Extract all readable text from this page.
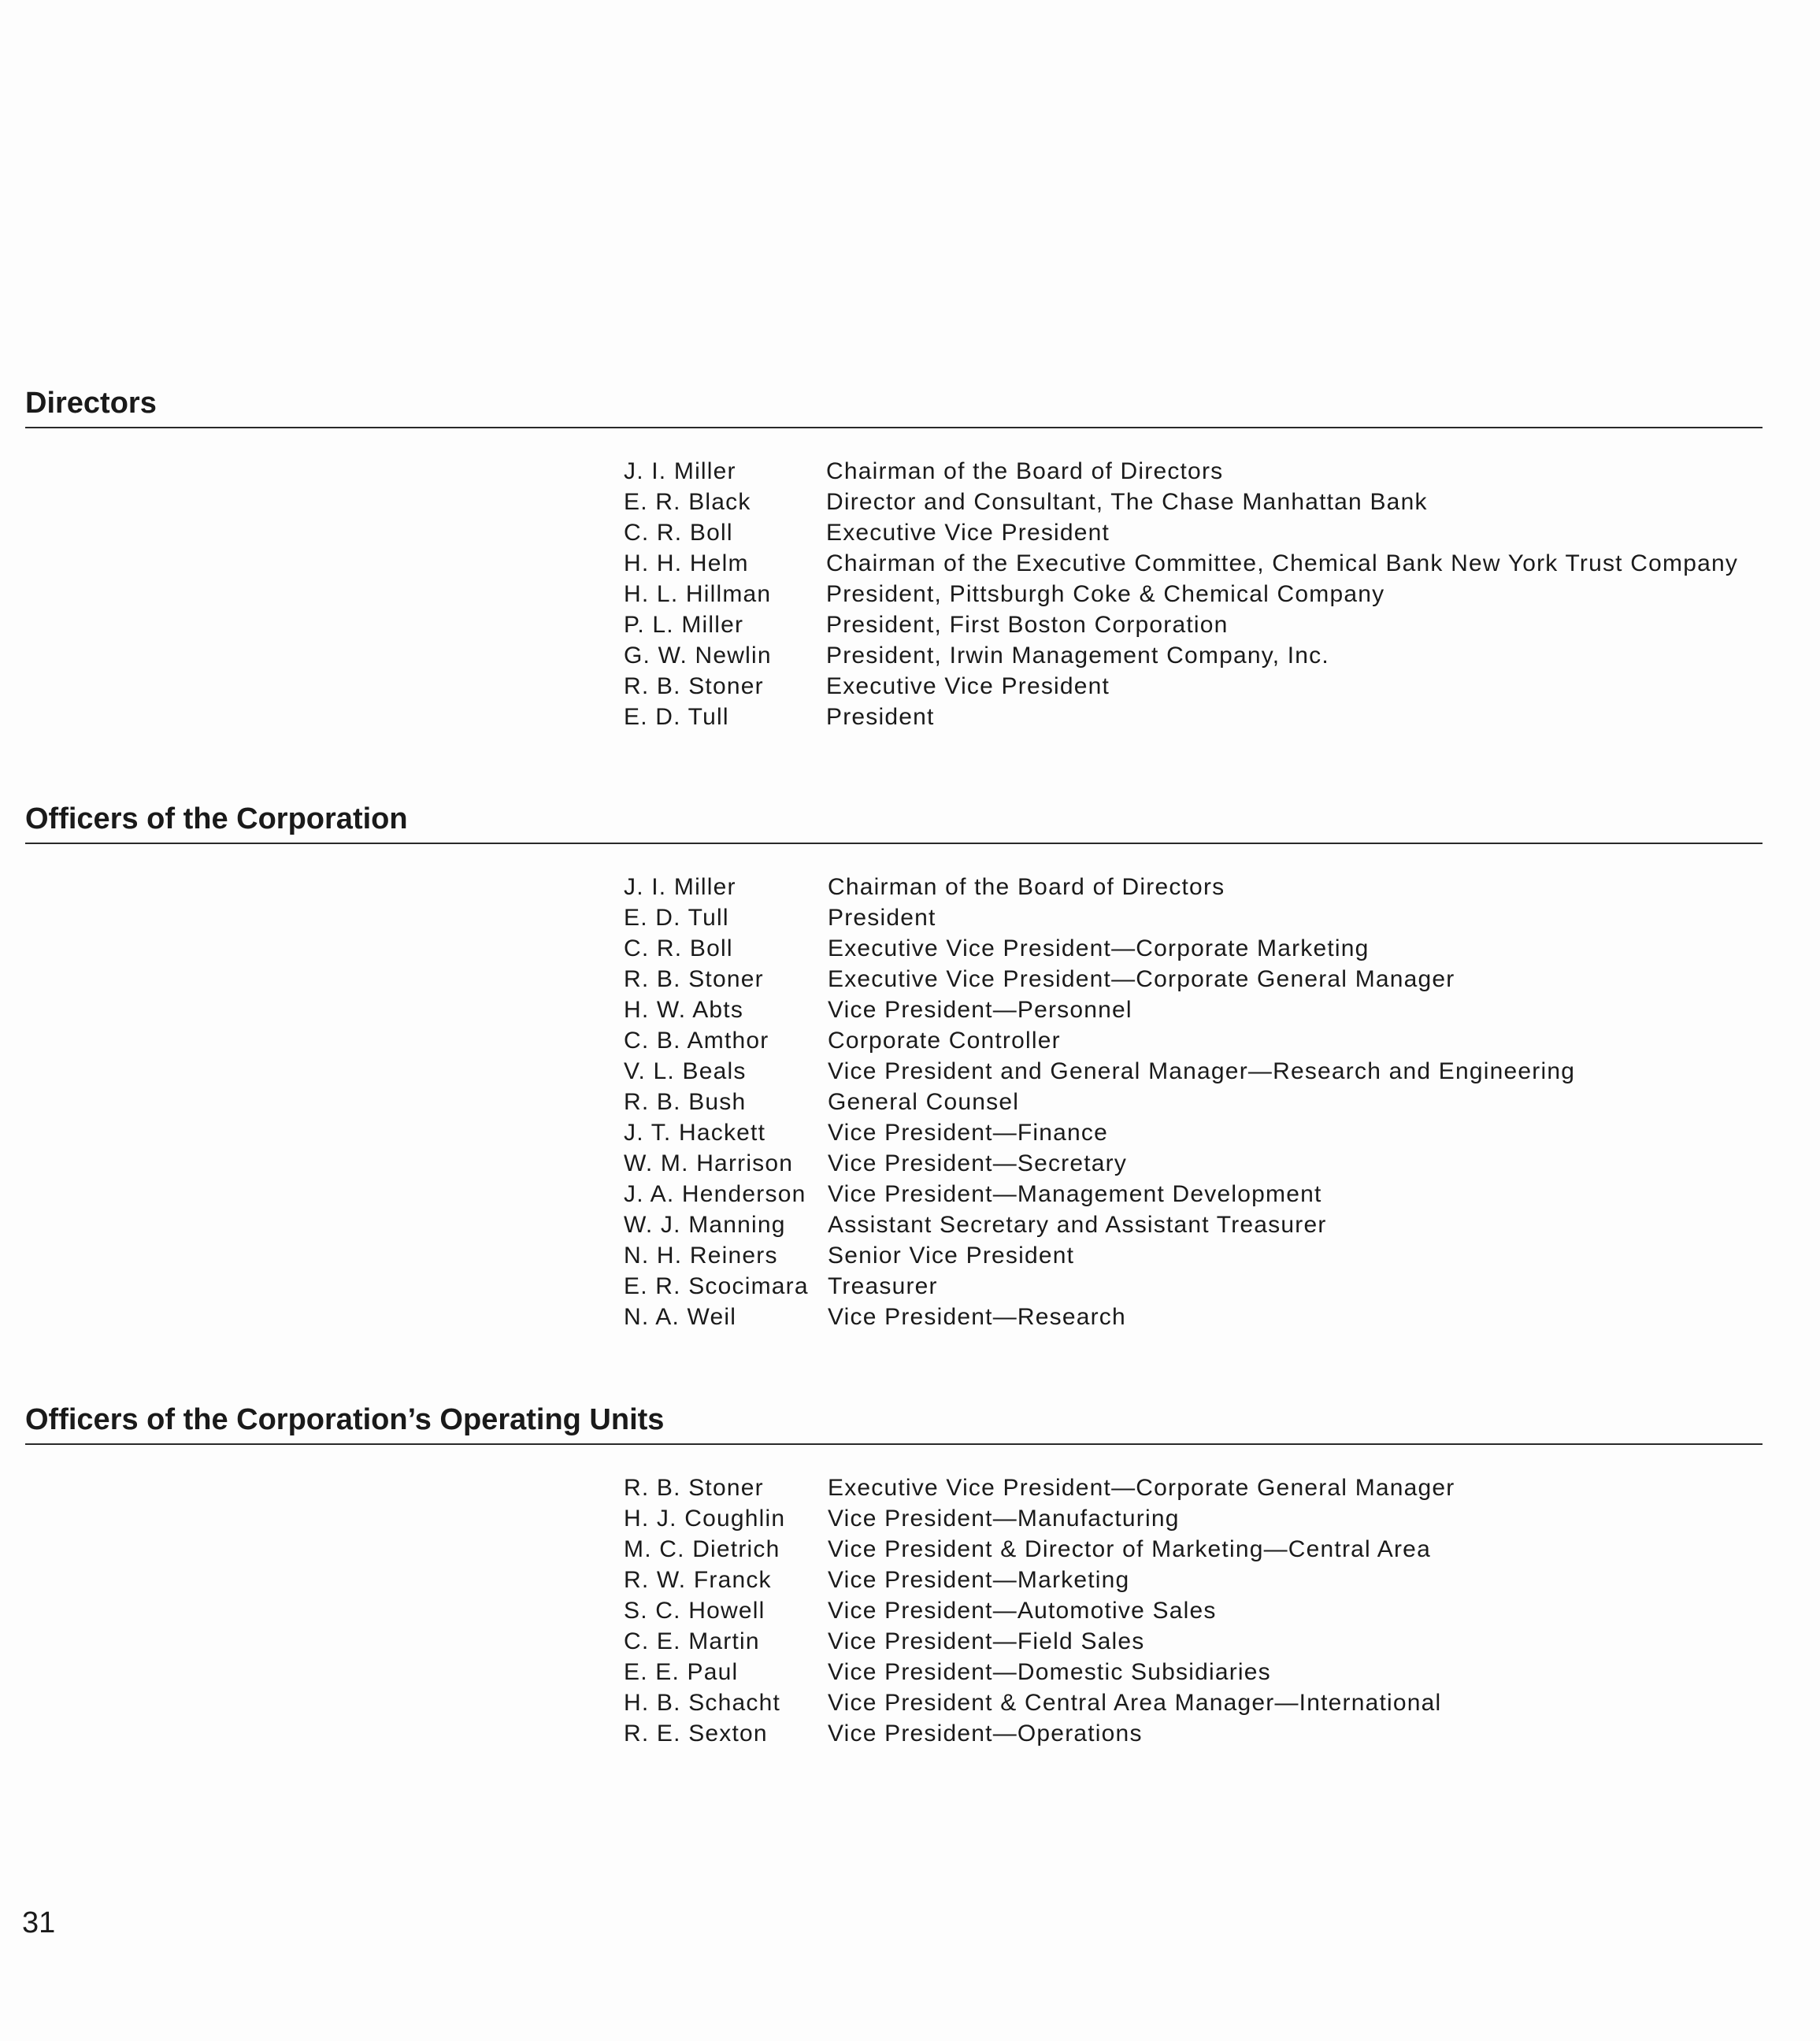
Directors
J. I. Miller	Chairman of the Board of Directors
E. R. Black	Director and Consultant, The Chase Manhattan Bank
C. R. Boll	Executive Vice President
H. H. Helm	Chairman of the Executive Committee, Chemical Bank New York Trust Company
H. L. Hillman	President, Pittsburgh Coke & Chemical Company
P. L. Miller	President, First Boston Corporation
G. W. Newlin	President, Irwin Management Company, Inc.
R. B. Stoner	Executive Vice President
E. D. Tull	President
Officers of the Corporation
J. I. Miller	Chairman of the Board of Directors
E. D. Tull	President
C. R. Boll	Executive Vice President—Corporate Marketing
R. B. Stoner	Executive Vice President—Corporate General Manager
H. W. Abts	Vice President—Personnel
C. B. Amthor	Corporate Controller
V. L. Beals	Vice President and General Manager—Research and Engineering
R. B. Bush	General Counsel
J. T. Hackett	Vice President—Finance
W. M. Harrison	Vice President—Secretary
J. A. Henderson Vice President—Management Development
W. J. Manning	Assistant Secretary and Assistant Treasurer
N. H. Reiners	Senior Vice President
E. R. Scocimara Treasurer
N. A. Weil	Vice President—Research
Officers of the Corporation’s Operating Units
R. B. Stoner	Executive Vice President—Corporate General Manager
H. J. Coughlin	Vice President—Manufacturing
M. C. Dietrich	Vice President & Director of Marketing—Central Area
R. W. Franck	Vice President—Marketing
S. C. Howell	Vice President—Automotive Sales
C. E. Martin	Vice President—Field Sales
E. E. Paul	Vice President—Domestic Subsidiaries
H. B. Schacht	Vice President & Central Area Manager—International
R. E. Sexton	Vice President—Operations
31
